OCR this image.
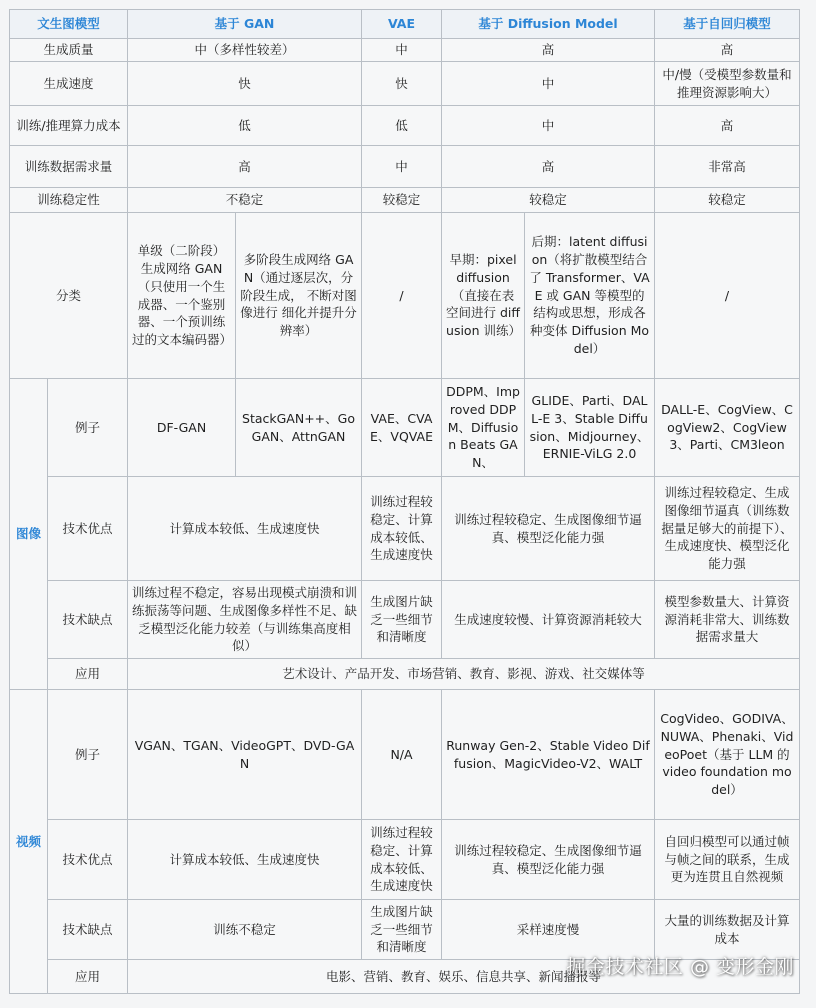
文生图模型		基于 GAN		VAE	基于 Diffusion Model		基于自回归模型
生成质量		中（多样性较差）		中	高		高
生成速度		快		快	中		中/慢（受模型参数量和推理资源影响大）
训练/推理算力成本		低		低	中		高
训练数据需求量		高		中	高		非常高
训练稳定性		不稳定		较稳定	较稳定		较稳定
分类		单级（二阶段）生成网络 GAN（只使用一个生成器、一个鉴别器、一个预训练过的文本编码器）	多阶段生成网络 GAN（通过逐层次，分阶段生成， 不断对图像进行 细化并提升分辨率）	/	早期：pixel diffusion（直接在表空间进行 diffusion 训练）	后期：latent diffusion（将扩散模型结合了 Transformer、VAE 或 GAN 等模型的结构或思想，形成各种变体 Diffusion Model）	/
图像	例子	DF-GAN	StackGAN++、GoGAN、AttnGAN	VAE、CVAE、VQVAE	DDPM、Improved DDPM、Diffusion Beats GAN、	GLIDE、Parti、DALL-E 3、Stable Diffusion、Midjourney、ERNIE-ViLG 2.0	DALL-E、CogView、CogView2、CogView3、Parti、CM3leon
	技术优点	计算成本较低、生成速度快		训练过程较稳定、计算成本较低、生成速度快	训练过程较稳定、生成图像细节逼真、模型泛化能力强		训练过程较稳定、生成图像细节逼真（训练数据量足够大的前提下）、生成速度快、模型泛化能力强
	技术缺点	训练过程不稳定，容易出现模式崩溃和训练振荡等问题、生成图像多样性不足、缺乏模型泛化能力较差（与训练集高度相似）		生成图片缺乏一些细节和清晰度	生成速度较慢、计算资源消耗较大		模型参数量大、计算资源消耗非常大、训练数据需求量大
	应用	艺术设计、产品开发、市场营销、教育、影视、游戏、社交媒体等					
视频	例子	VGAN、TGAN、VideoGPT、DVD-GAN		N/A	Runway Gen-2、Stable Video Diffusion、MagicVideo-V2、WALT		CogVideo、GODIVA、NUWA、Phenaki、VideoPoet（基于 LLM 的 video foundation model）
	技术优点	计算成本较低、生成速度快		训练过程较稳定、计算成本较低、生成速度快	训练过程较稳定、生成图像细节逼真、模型泛化能力强		自回归模型可以通过帧与帧之间的联系，生成更为连贯且自然视频
	技术缺点	训练不稳定		生成图片缺乏一些细节和清晰度	采样速度慢		大量的训练数据及计算成本
	应用	电影、营销、教育、娱乐、信息共享、新闻播报等					
掘金技术社区 @ 变形金刚
